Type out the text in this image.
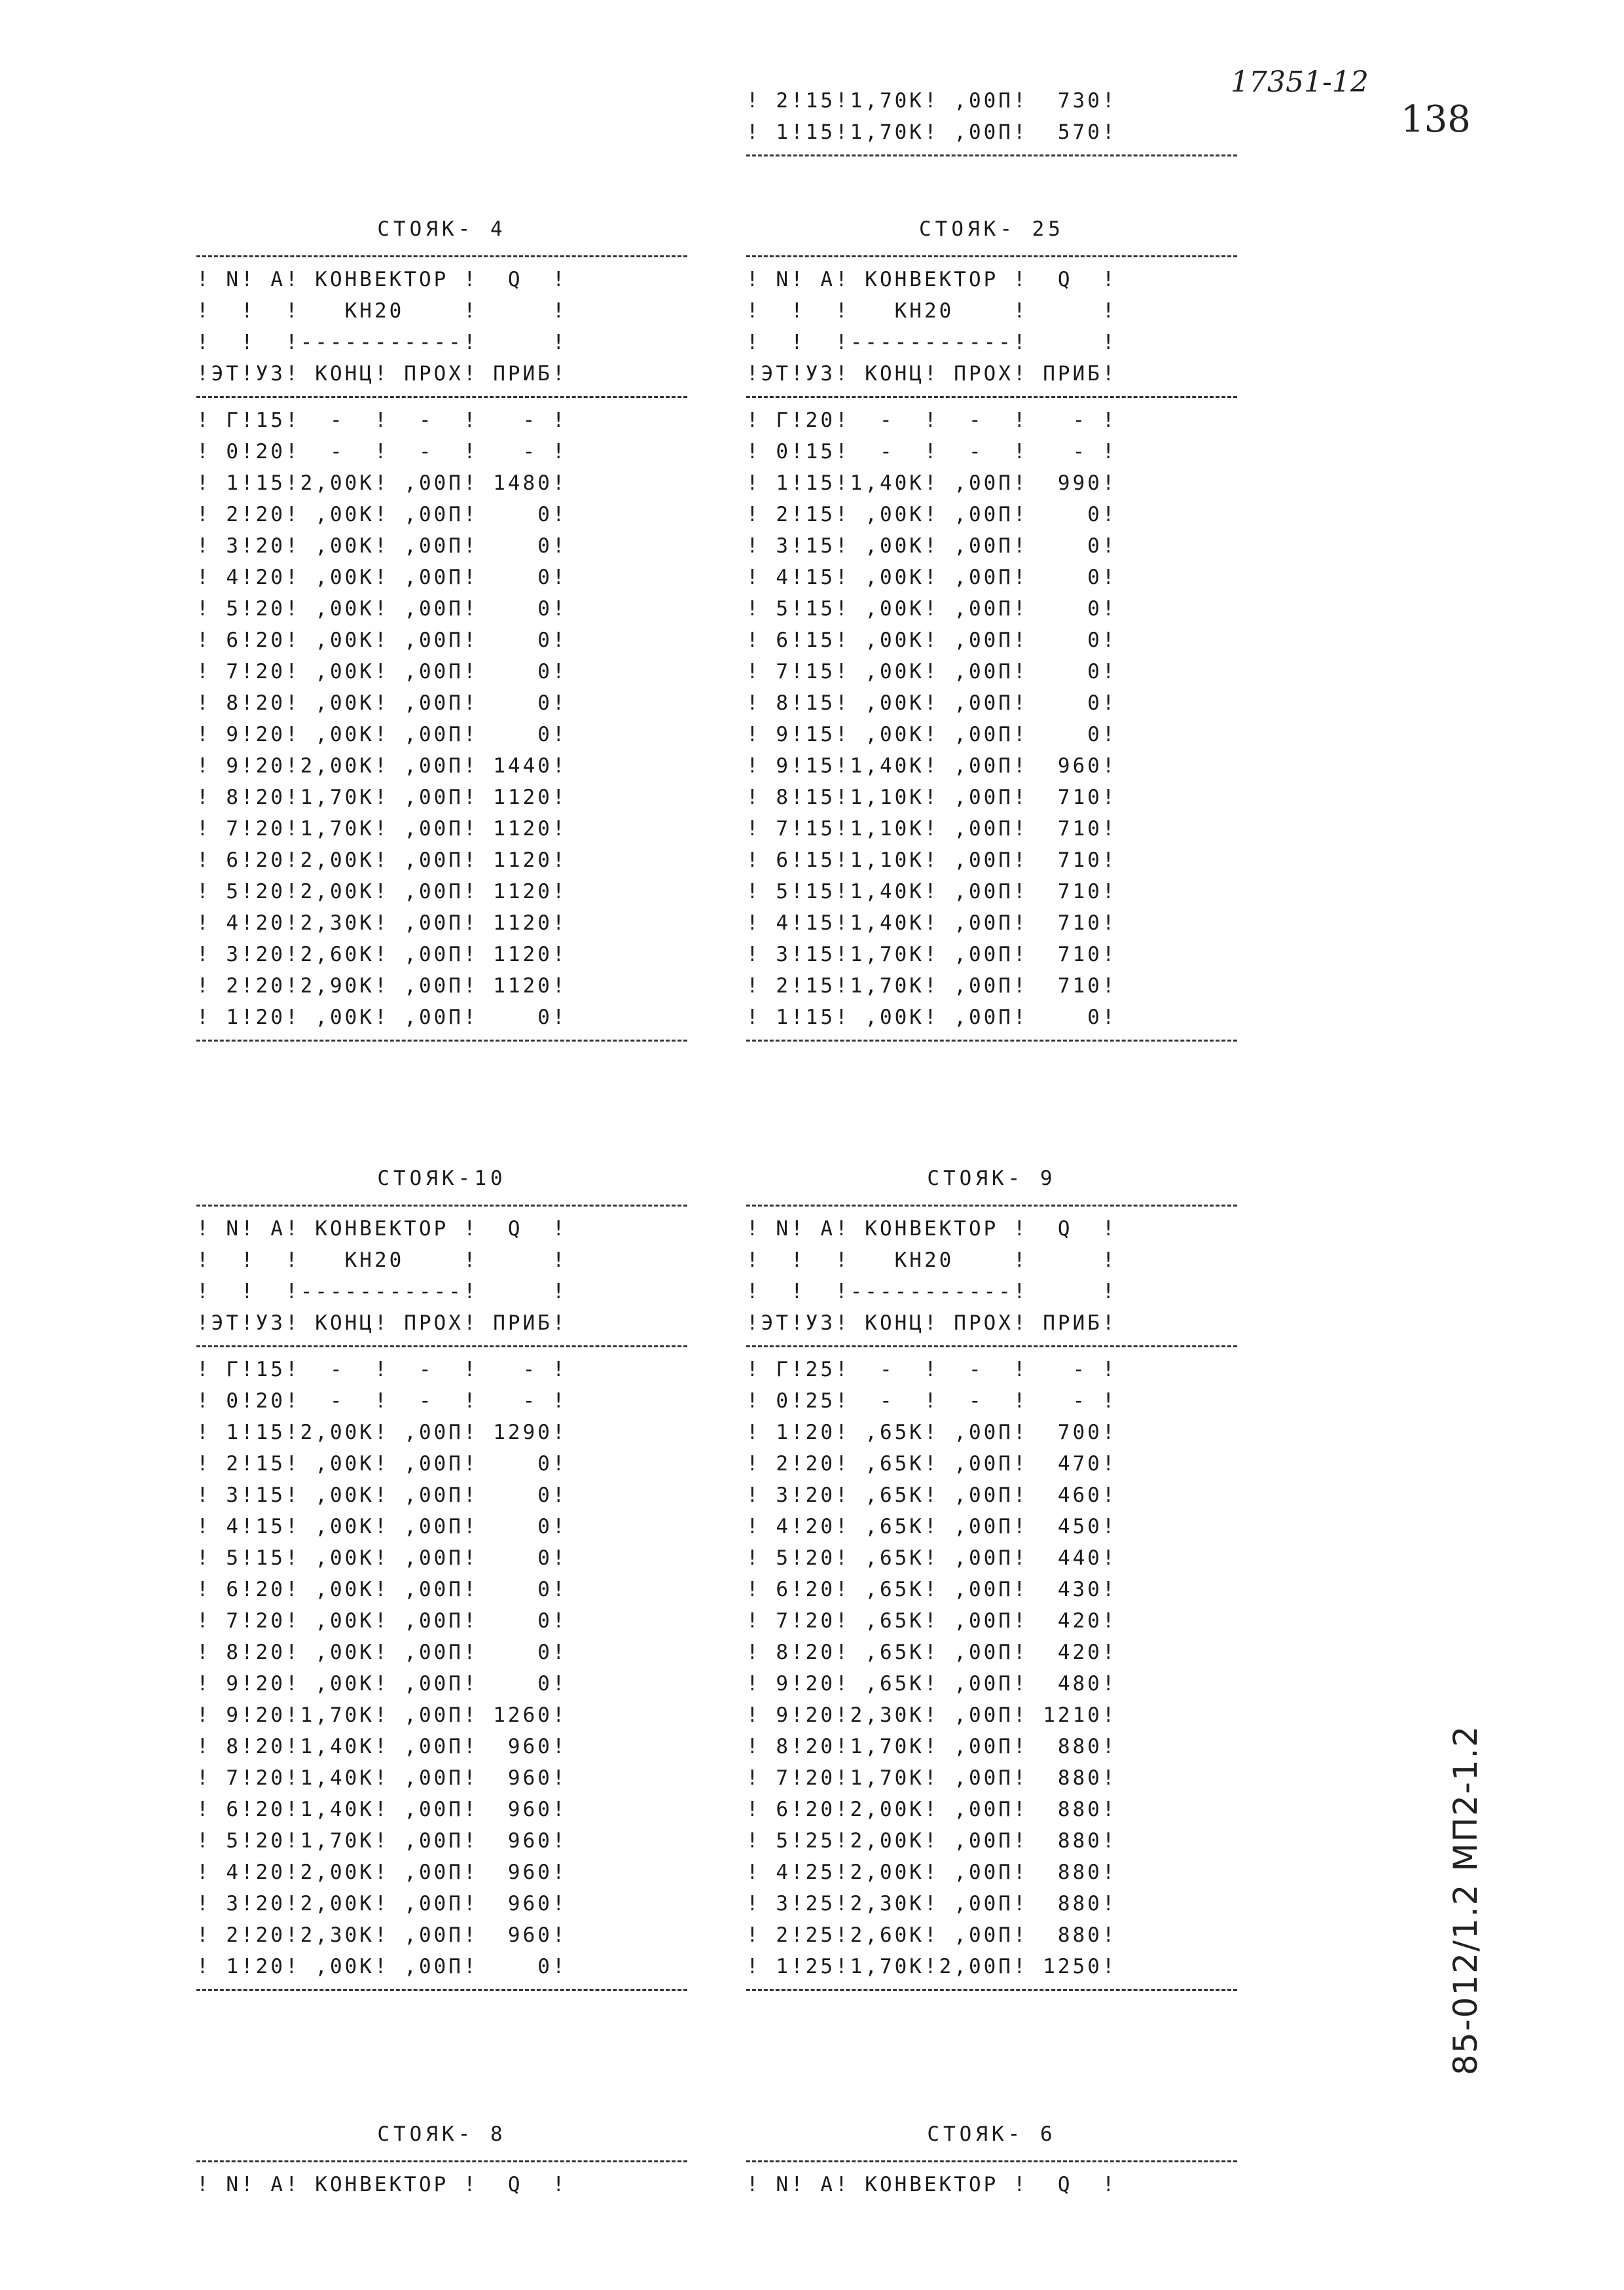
! 2!15!1,70К! ,00П!  730!
! 1!15!1,70К! ,00П!  570!
17351-12
138
85-012/1.2 МП2-1.2
СТОЯК- 4
! N! А! КОНВЕКТОР !  Q  !
!  !  !   КН20    !     !
!  !  !-----------!     !
!ЭТ!УЗ! КОНЦ! ПРОХ! ПРИБ!
! Г!15!  -  !  -  !   - !
! 0!20!  -  !  -  !   - !
! 1!15!2,00К! ,00П! 1480!
! 2!20! ,00К! ,00П!    0!
! 3!20! ,00К! ,00П!    0!
! 4!20! ,00К! ,00П!    0!
! 5!20! ,00К! ,00П!    0!
! 6!20! ,00К! ,00П!    0!
! 7!20! ,00К! ,00П!    0!
! 8!20! ,00К! ,00П!    0!
! 9!20! ,00К! ,00П!    0!
! 9!20!2,00К! ,00П! 1440!
! 8!20!1,70К! ,00П! 1120!
! 7!20!1,70К! ,00П! 1120!
! 6!20!2,00К! ,00П! 1120!
! 5!20!2,00К! ,00П! 1120!
! 4!20!2,30К! ,00П! 1120!
! 3!20!2,60К! ,00П! 1120!
! 2!20!2,90К! ,00П! 1120!
! 1!20! ,00К! ,00П!    0!
СТОЯК- 25
! N! А! КОНВЕКТОР !  Q  !
!  !  !   КН20    !     !
!  !  !-----------!     !
!ЭТ!УЗ! КОНЦ! ПРОХ! ПРИБ!
! Г!20!  -  !  -  !   - !
! 0!15!  -  !  -  !   - !
! 1!15!1,40К! ,00П!  990!
! 2!15! ,00К! ,00П!    0!
! 3!15! ,00К! ,00П!    0!
! 4!15! ,00К! ,00П!    0!
! 5!15! ,00К! ,00П!    0!
! 6!15! ,00К! ,00П!    0!
! 7!15! ,00К! ,00П!    0!
! 8!15! ,00К! ,00П!    0!
! 9!15! ,00К! ,00П!    0!
! 9!15!1,40К! ,00П!  960!
! 8!15!1,10К! ,00П!  710!
! 7!15!1,10К! ,00П!  710!
! 6!15!1,10К! ,00П!  710!
! 5!15!1,40К! ,00П!  710!
! 4!15!1,40К! ,00П!  710!
! 3!15!1,70К! ,00П!  710!
! 2!15!1,70К! ,00П!  710!
! 1!15! ,00К! ,00П!    0!
СТОЯК-10
! N! А! КОНВЕКТОР !  Q  !
!  !  !   КН20    !     !
!  !  !-----------!     !
!ЭТ!УЗ! КОНЦ! ПРОХ! ПРИБ!
! Г!15!  -  !  -  !   - !
! 0!20!  -  !  -  !   - !
! 1!15!2,00К! ,00П! 1290!
! 2!15! ,00К! ,00П!    0!
! 3!15! ,00К! ,00П!    0!
! 4!15! ,00К! ,00П!    0!
! 5!15! ,00К! ,00П!    0!
! 6!20! ,00К! ,00П!    0!
! 7!20! ,00К! ,00П!    0!
! 8!20! ,00К! ,00П!    0!
! 9!20! ,00К! ,00П!    0!
! 9!20!1,70К! ,00П! 1260!
! 8!20!1,40К! ,00П!  960!
! 7!20!1,40К! ,00П!  960!
! 6!20!1,40К! ,00П!  960!
! 5!20!1,70К! ,00П!  960!
! 4!20!2,00К! ,00П!  960!
! 3!20!2,00К! ,00П!  960!
! 2!20!2,30К! ,00П!  960!
! 1!20! ,00К! ,00П!    0!
СТОЯК- 9
! N! А! КОНВЕКТОР !  Q  !
!  !  !   КН20    !     !
!  !  !-----------!     !
!ЭТ!УЗ! КОНЦ! ПРОХ! ПРИБ!
! Г!25!  -  !  -  !   - !
! 0!25!  -  !  -  !   - !
! 1!20! ,65К! ,00П!  700!
! 2!20! ,65К! ,00П!  470!
! 3!20! ,65К! ,00П!  460!
! 4!20! ,65К! ,00П!  450!
! 5!20! ,65К! ,00П!  440!
! 6!20! ,65К! ,00П!  430!
! 7!20! ,65К! ,00П!  420!
! 8!20! ,65К! ,00П!  420!
! 9!20! ,65К! ,00П!  480!
! 9!20!2,30К! ,00П! 1210!
! 8!20!1,70К! ,00П!  880!
! 7!20!1,70К! ,00П!  880!
! 6!20!2,00К! ,00П!  880!
! 5!25!2,00К! ,00П!  880!
! 4!25!2,00К! ,00П!  880!
! 3!25!2,30К! ,00П!  880!
! 2!25!2,60К! ,00П!  880!
! 1!25!1,70К!2,00П! 1250!
СТОЯК- 8
! N! А! КОНВЕКТОР !  Q  !
СТОЯК- 6
! N! А! КОНВЕКТОР !  Q  !
